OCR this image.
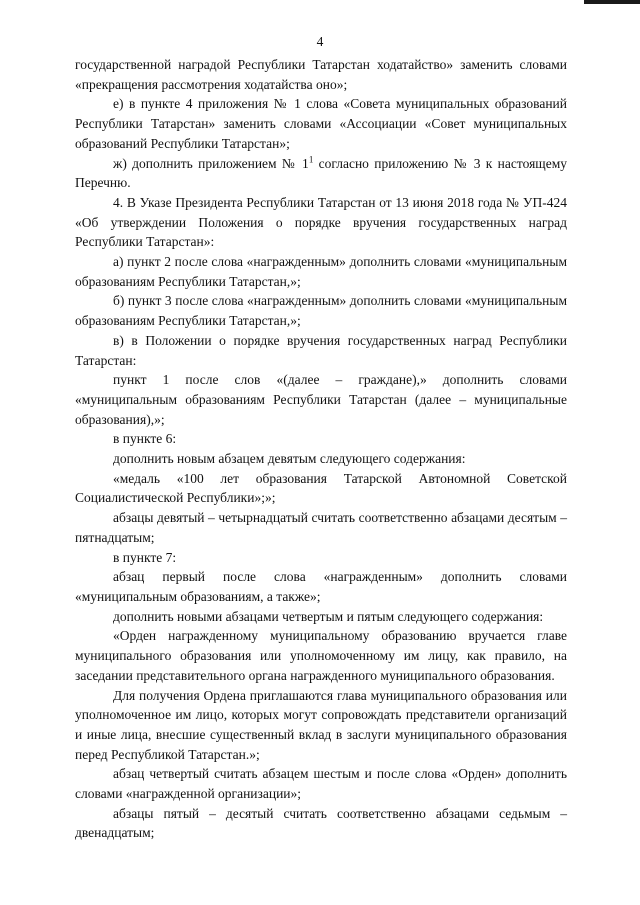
4

государственной наградой Республики Татарстан ходатайство» заменить словами «прекращения рассмотрения ходатайства оно»;

е) в пункте 4 приложения № 1 слова «Совета муниципальных образований Республики Татарстан» заменить словами «Ассоциации «Совет муниципальных образований Республики Татарстан»;

ж) дополнить приложением № $1^1$ согласно приложению № 3 к настоящему Перечню.

4. В Указе Президента Республики Татарстан от 13 июня 2018 года № УП-424 «Об утверждении Положения о порядке вручения государственных наград Республики Татарстан»:

а) пункт 2 после слова «награжденным» дополнить словами «муниципальным образованиям Республики Татарстан,»;

б) пункт 3 после слова «награжденным» дополнить словами «муниципальным образованиям Республики Татарстан,»;

в) в Положении о порядке вручения государственных наград Республики Татарстан:

пункт 1 после слов «(далее – граждане),» дополнить словами «муниципальным образованиям Республики Татарстан (далее – муниципальные образования),»;

в пункте 6:

дополнить новым абзацем девятым следующего содержания:

«медаль «100 лет образования Татарской Автономной Советской Социалистической Республики»;»;

абзацы девятый – четырнадцатый считать соответственно абзацами десятым – пятнадцатым;

в пункте 7:

абзац первый после слова «награжденным» дополнить словами «муниципальным образованиям, а также»;

дополнить новыми абзацами четвертым и пятым следующего содержания:

«Орден награжденному муниципальному образованию вручается главе муниципального образования или уполномоченному им лицу, как правило, на заседании представительного органа награжденного муниципального образования.

Для получения Ордена приглашаются глава муниципального образования или уполномоченное им лицо, которых могут сопровождать представители организаций и иные лица, внесшие существенный вклад в заслуги муниципального образования перед Республикой Татарстан.»;

абзац четвертый считать абзацем шестым и после слова «Орден» дополнить словами «награжденной организации»;

абзацы пятый – десятый считать соответственно абзацами седьмым – двенадцатым;
